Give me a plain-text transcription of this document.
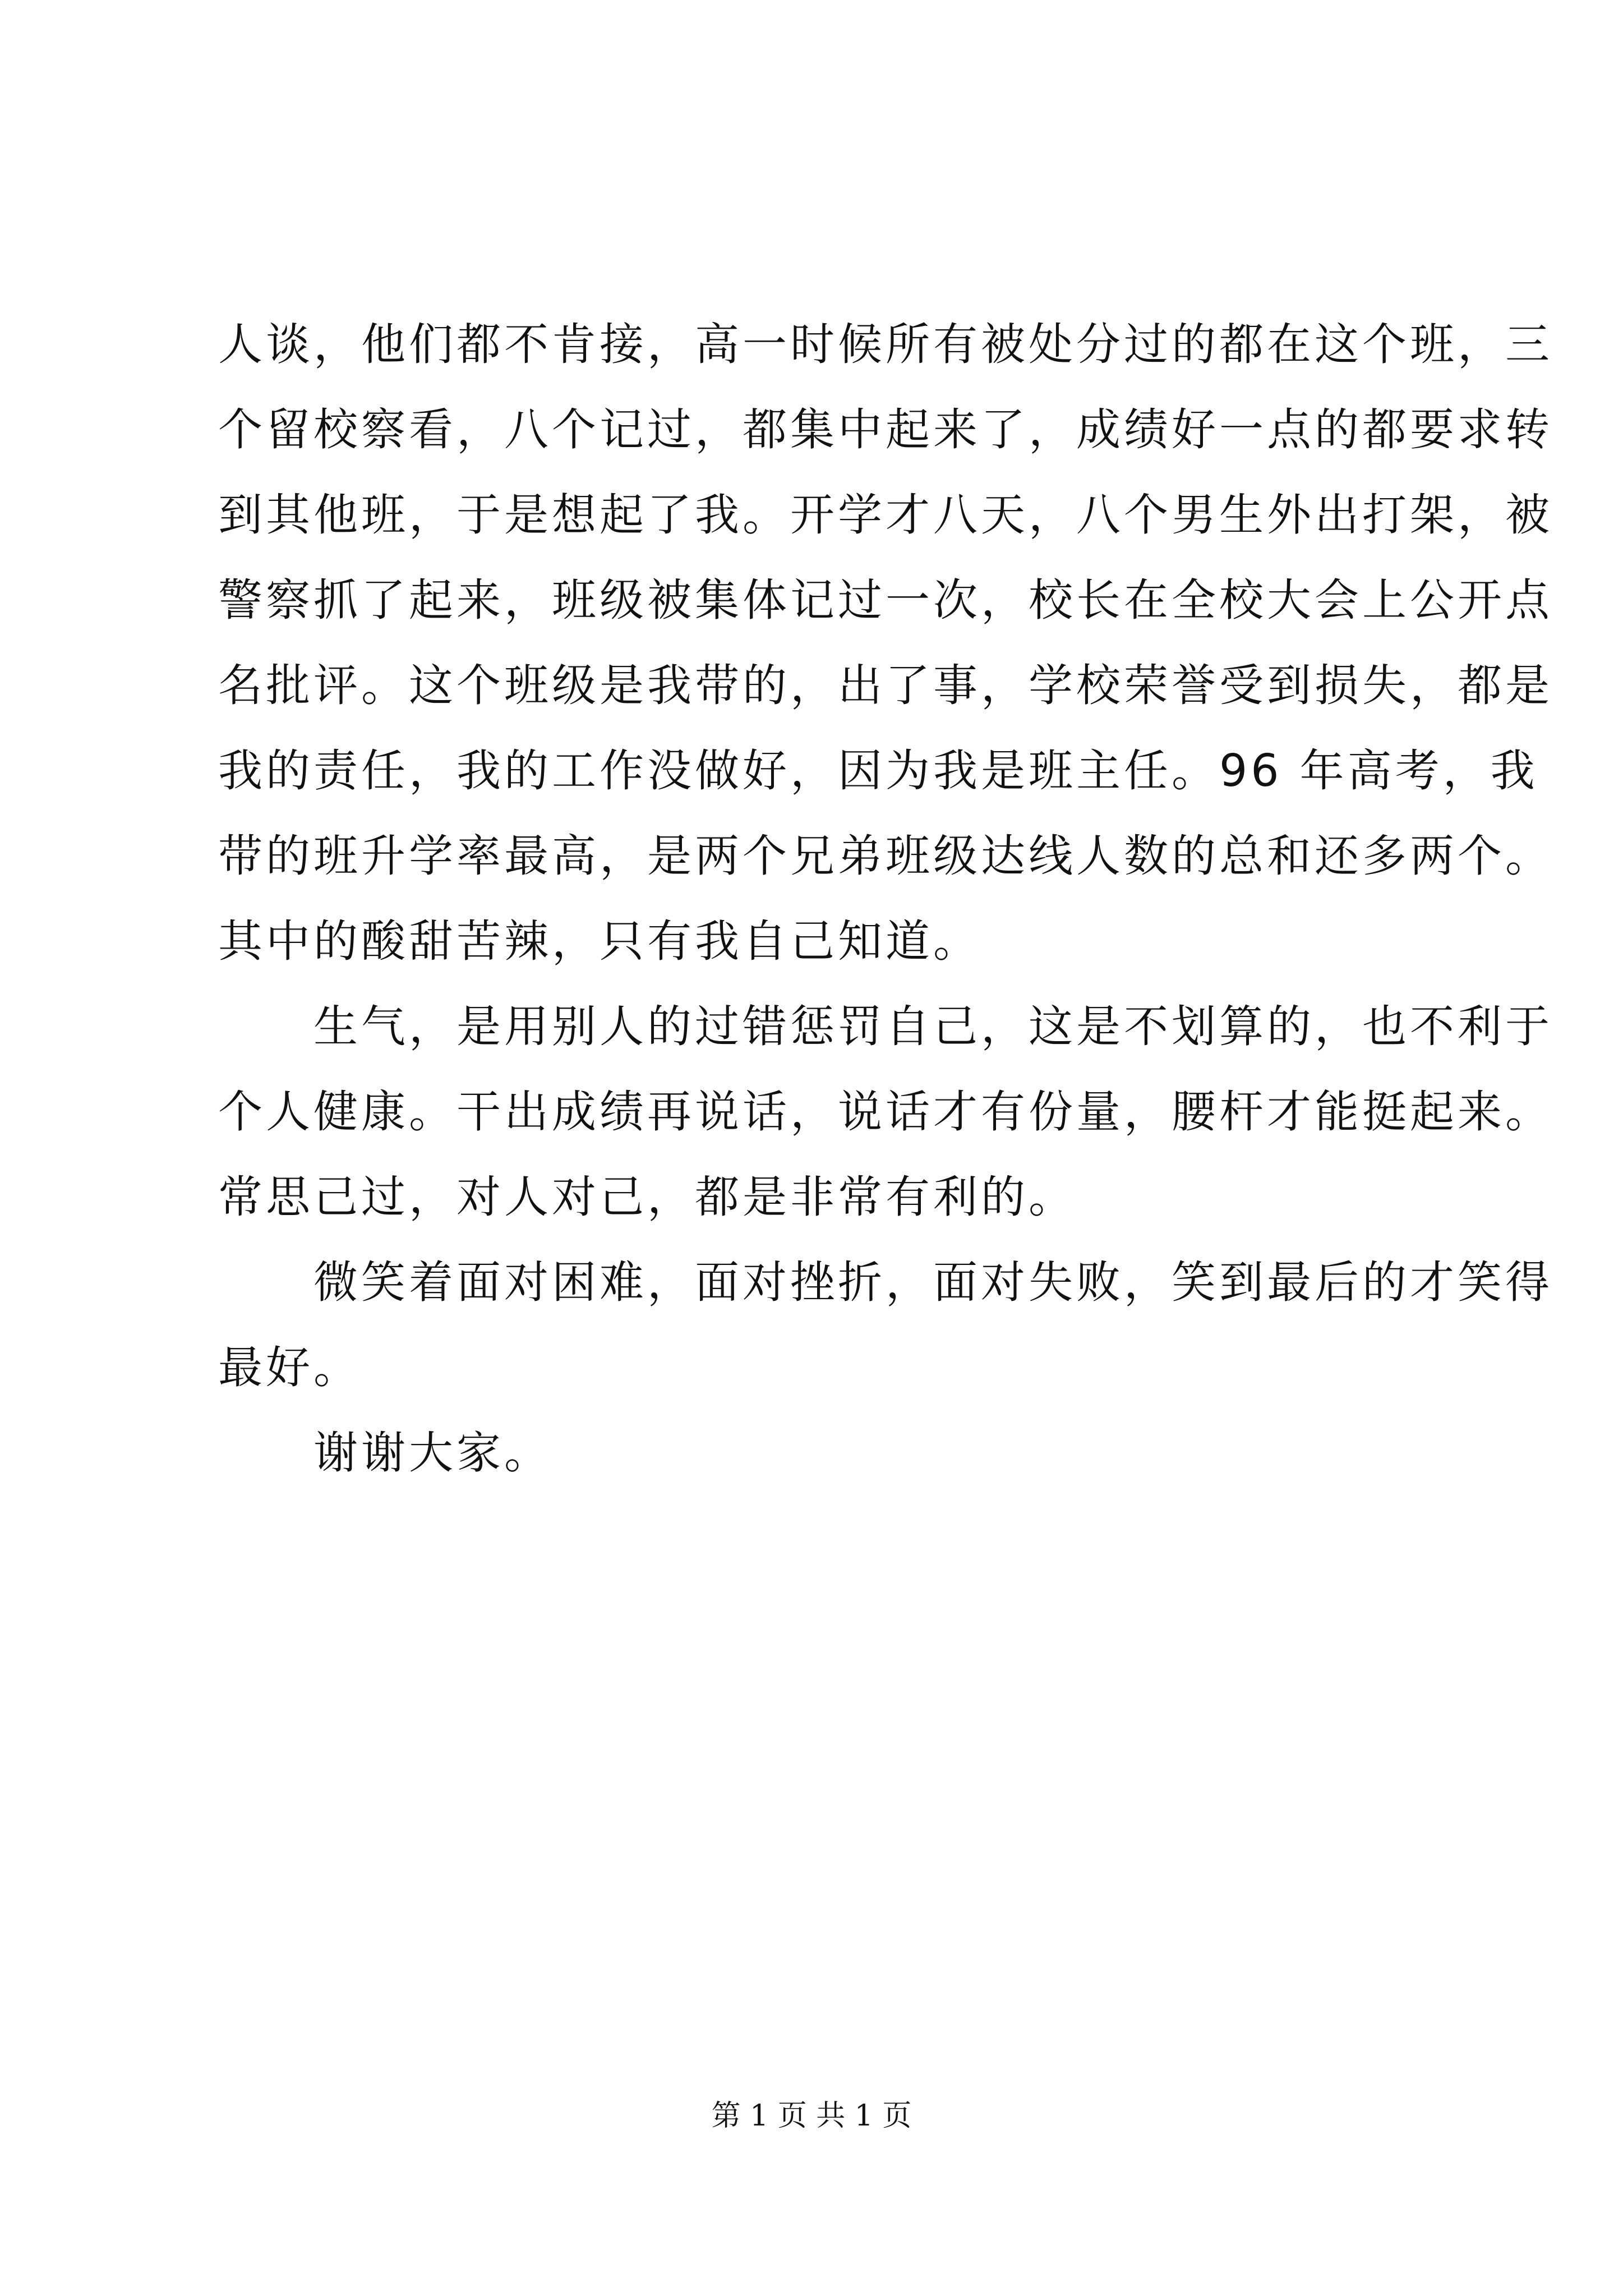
人谈，他们都不肯接，高一时候所有被处分过的都在这个班，三
个留校察看，八个记过，都集中起来了，成绩好一点的都要求转
到其他班，于是想起了我。开学才八天，八个男生外出打架，被
警察抓了起来，班级被集体记过一次，校长在全校大会上公开点
名批评。这个班级是我带的，出了事，学校荣誉受到损失，都是
我的责任，我的工作没做好，因为我是班主任。96 年高考，我
带的班升学率最高，是两个兄弟班级达线人数的总和还多两个。
其中的酸甜苦辣，只有我自己知道。
　　生气，是用别人的过错惩罚自己，这是不划算的，也不利于
个人健康。干出成绩再说话，说话才有份量，腰杆才能挺起来。
常思己过，对人对己，都是非常有利的。
　　微笑着面对困难，面对挫折，面对失败，笑到最后的才笑得
最好。
　　谢谢大家。
第 1 页 共 1 页
